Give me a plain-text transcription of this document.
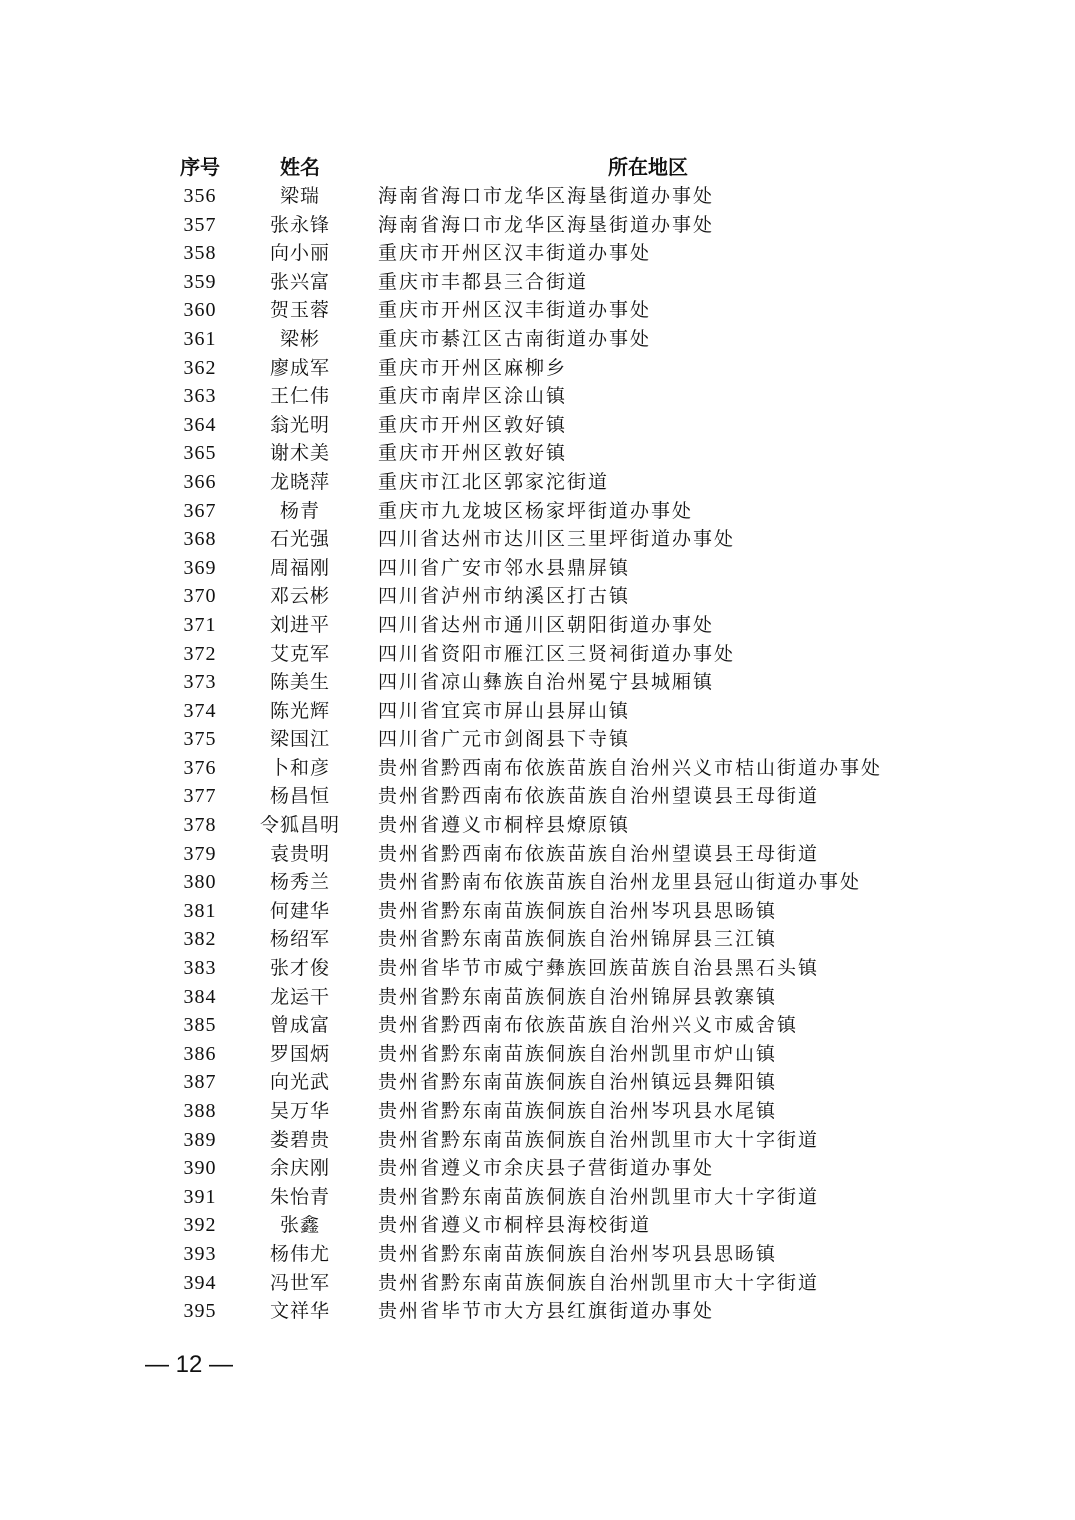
序号	姓名	所在地区
356	梁瑞	海南省海口市龙华区海垦街道办事处
357	张永锋	海南省海口市龙华区海垦街道办事处
358	向小丽	重庆市开州区汉丰街道办事处
359	张兴富	重庆市丰都县三合街道
360	贺玉蓉	重庆市开州区汉丰街道办事处
361	梁彬	重庆市綦江区古南街道办事处
362	廖成军	重庆市开州区麻柳乡
363	王仁伟	重庆市南岸区涂山镇
364	翁光明	重庆市开州区敦好镇
365	谢术美	重庆市开州区敦好镇
366	龙晓萍	重庆市江北区郭家沱街道
367	杨青	重庆市九龙坡区杨家坪街道办事处
368	石光强	四川省达州市达川区三里坪街道办事处
369	周福刚	四川省广安市邻水县鼎屏镇
370	邓云彬	四川省泸州市纳溪区打古镇
371	刘进平	四川省达州市通川区朝阳街道办事处
372	艾克军	四川省资阳市雁江区三贤祠街道办事处
373	陈美生	四川省凉山彝族自治州冕宁县城厢镇
374	陈光辉	四川省宜宾市屏山县屏山镇
375	梁国江	四川省广元市剑阁县下寺镇
376	卜和彦	贵州省黔西南布依族苗族自治州兴义市桔山街道办事处
377	杨昌恒	贵州省黔西南布依族苗族自治州望谟县王母街道
378	令狐昌明	贵州省遵义市桐梓县燎原镇
379	袁贵明	贵州省黔西南布依族苗族自治州望谟县王母街道
380	杨秀兰	贵州省黔南布依族苗族自治州龙里县冠山街道办事处
381	何建华	贵州省黔东南苗族侗族自治州岑巩县思旸镇
382	杨绍军	贵州省黔东南苗族侗族自治州锦屏县三江镇
383	张才俊	贵州省毕节市威宁彝族回族苗族自治县黑石头镇
384	龙运干	贵州省黔东南苗族侗族自治州锦屏县敦寨镇
385	曾成富	贵州省黔西南布依族苗族自治州兴义市威舍镇
386	罗国炳	贵州省黔东南苗族侗族自治州凯里市炉山镇
387	向光武	贵州省黔东南苗族侗族自治州镇远县舞阳镇
388	吴万华	贵州省黔东南苗族侗族自治州岑巩县水尾镇
389	娄碧贵	贵州省黔东南苗族侗族自治州凯里市大十字街道
390	余庆刚	贵州省遵义市余庆县子营街道办事处
391	朱怡青	贵州省黔东南苗族侗族自治州凯里市大十字街道
392	张鑫	贵州省遵义市桐梓县海校街道
393	杨伟尤	贵州省黔东南苗族侗族自治州岑巩县思旸镇
394	冯世军	贵州省黔东南苗族侗族自治州凯里市大十字街道
395	文祥华	贵州省毕节市大方县红旗街道办事处
— 12 —
